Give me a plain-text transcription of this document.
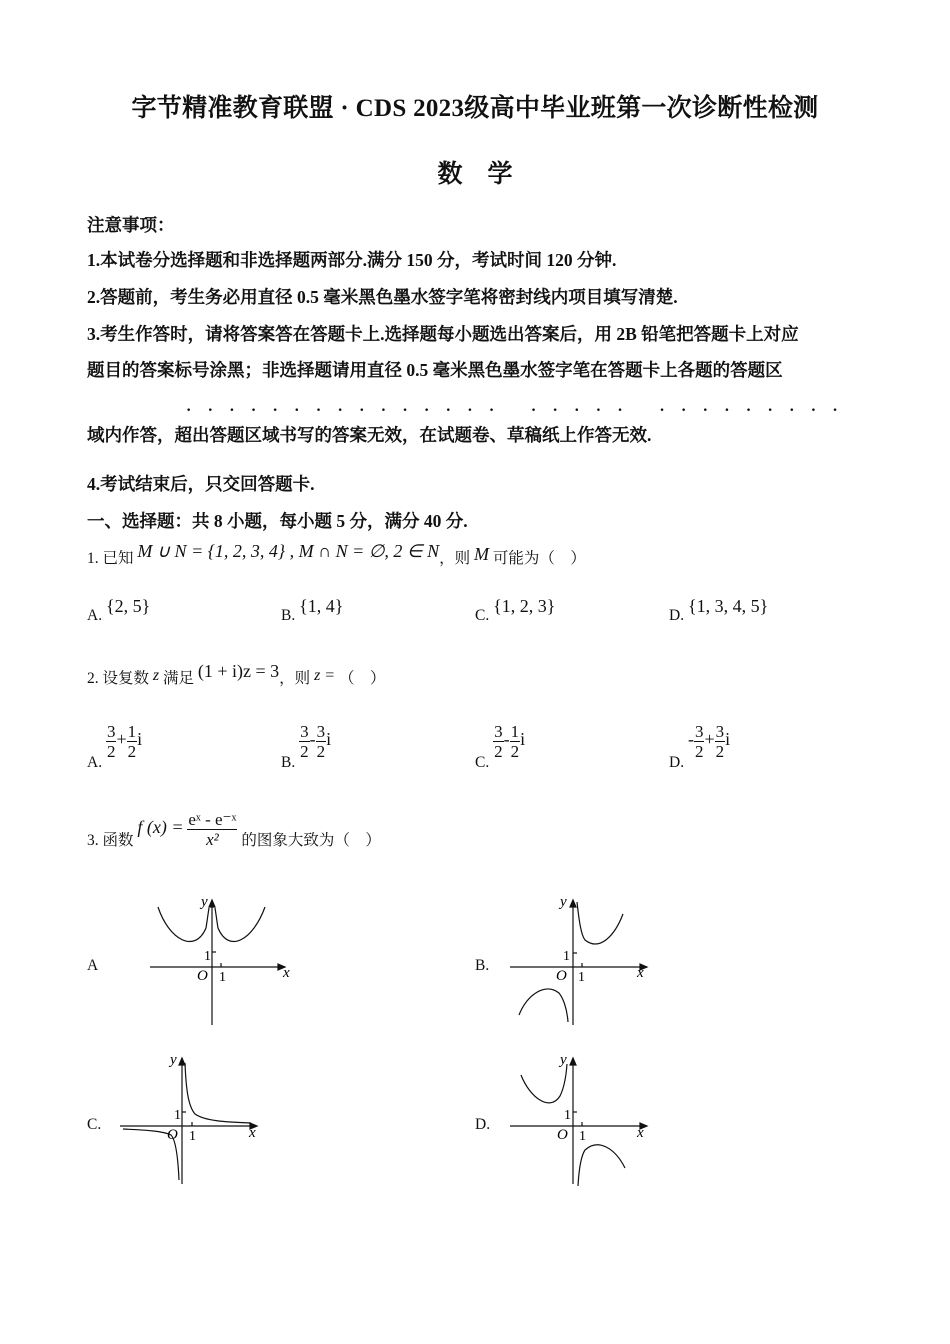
字节精准教育联盟 · CDS 2023级高中毕业班第一次诊断性检测
数　学
注意事项：
1.本试卷分选择题和非选择题两部分.满分 150 分，考试时间 120 分钟.
2.答题前，考生务必用直径 0.5 毫米黑色墨水签字笔将密封线内项目填写清楚.
3.考生作答时，请将答案答在答题卡上.选择题每小题选出答案后，用 2B 铅笔把答题卡上对应
题目的答案标号涂黑；非选择题请用直径 0.5 毫米黑色墨水签字笔在答题卡上各题的答题区
··············· ····· ·········
域内作答，超出答题区域书写的答案无效，在试题卷、草稿纸上作答无效.
4.考试结束后，只交回答题卡.
一、选择题：共 8 小题，每小题 5 分，满分 40 分.
1. 已知 M ∪ N = {1, 2, 3, 4} , M ∩ N = ∅, 2 ∈ N，则 M 可能为（　）
A. {2, 5}	B. {1, 4}	C. {1, 2, 3}	D. {1, 3, 4, 5}
2. 设复数 z 满足 (1 + i)z = 3，则 z = （　）
A.
$\frac{3}{2} + \frac{1}{2}$ i
B.
$\frac{3}{2} - \frac{3}{2}$ i
C.
$\frac{3}{2} - \frac{1}{2}$ i
D. - $\frac{3}{2} + \frac{3}{2}$ i
3. 函数 f $(x) = \frac{\text{eˣ - e⁻ˣ}}{\text{x²}}$ 的图象大致为（　）
A
y
x
O 1
1
B.
y
x
O 1
1
C.
y
x
O 1
1
D.
y
x
O 1
1
